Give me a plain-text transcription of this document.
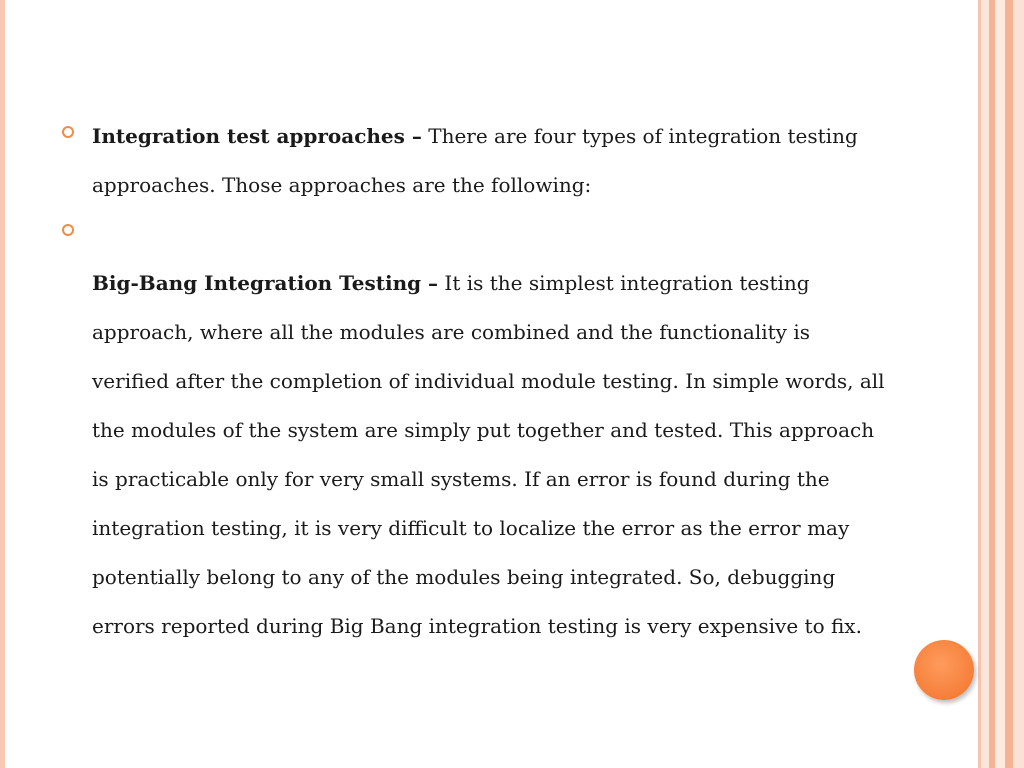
Integration test approaches – There are four types of integration testing approaches. Those approaches are the following:
Big-Bang Integration Testing – It is the simplest integration testing approach, where all the modules are combined and the functionality is verified after the completion of individual module testing. In simple words, all the modules of the system are simply put together and tested. This approach is practicable only for very small systems. If an error is found during the integration testing, it is very difficult to localize the error as the error may potentially belong to any of the modules being integrated. So, debugging errors reported during Big Bang integration testing is very expensive to fix.
